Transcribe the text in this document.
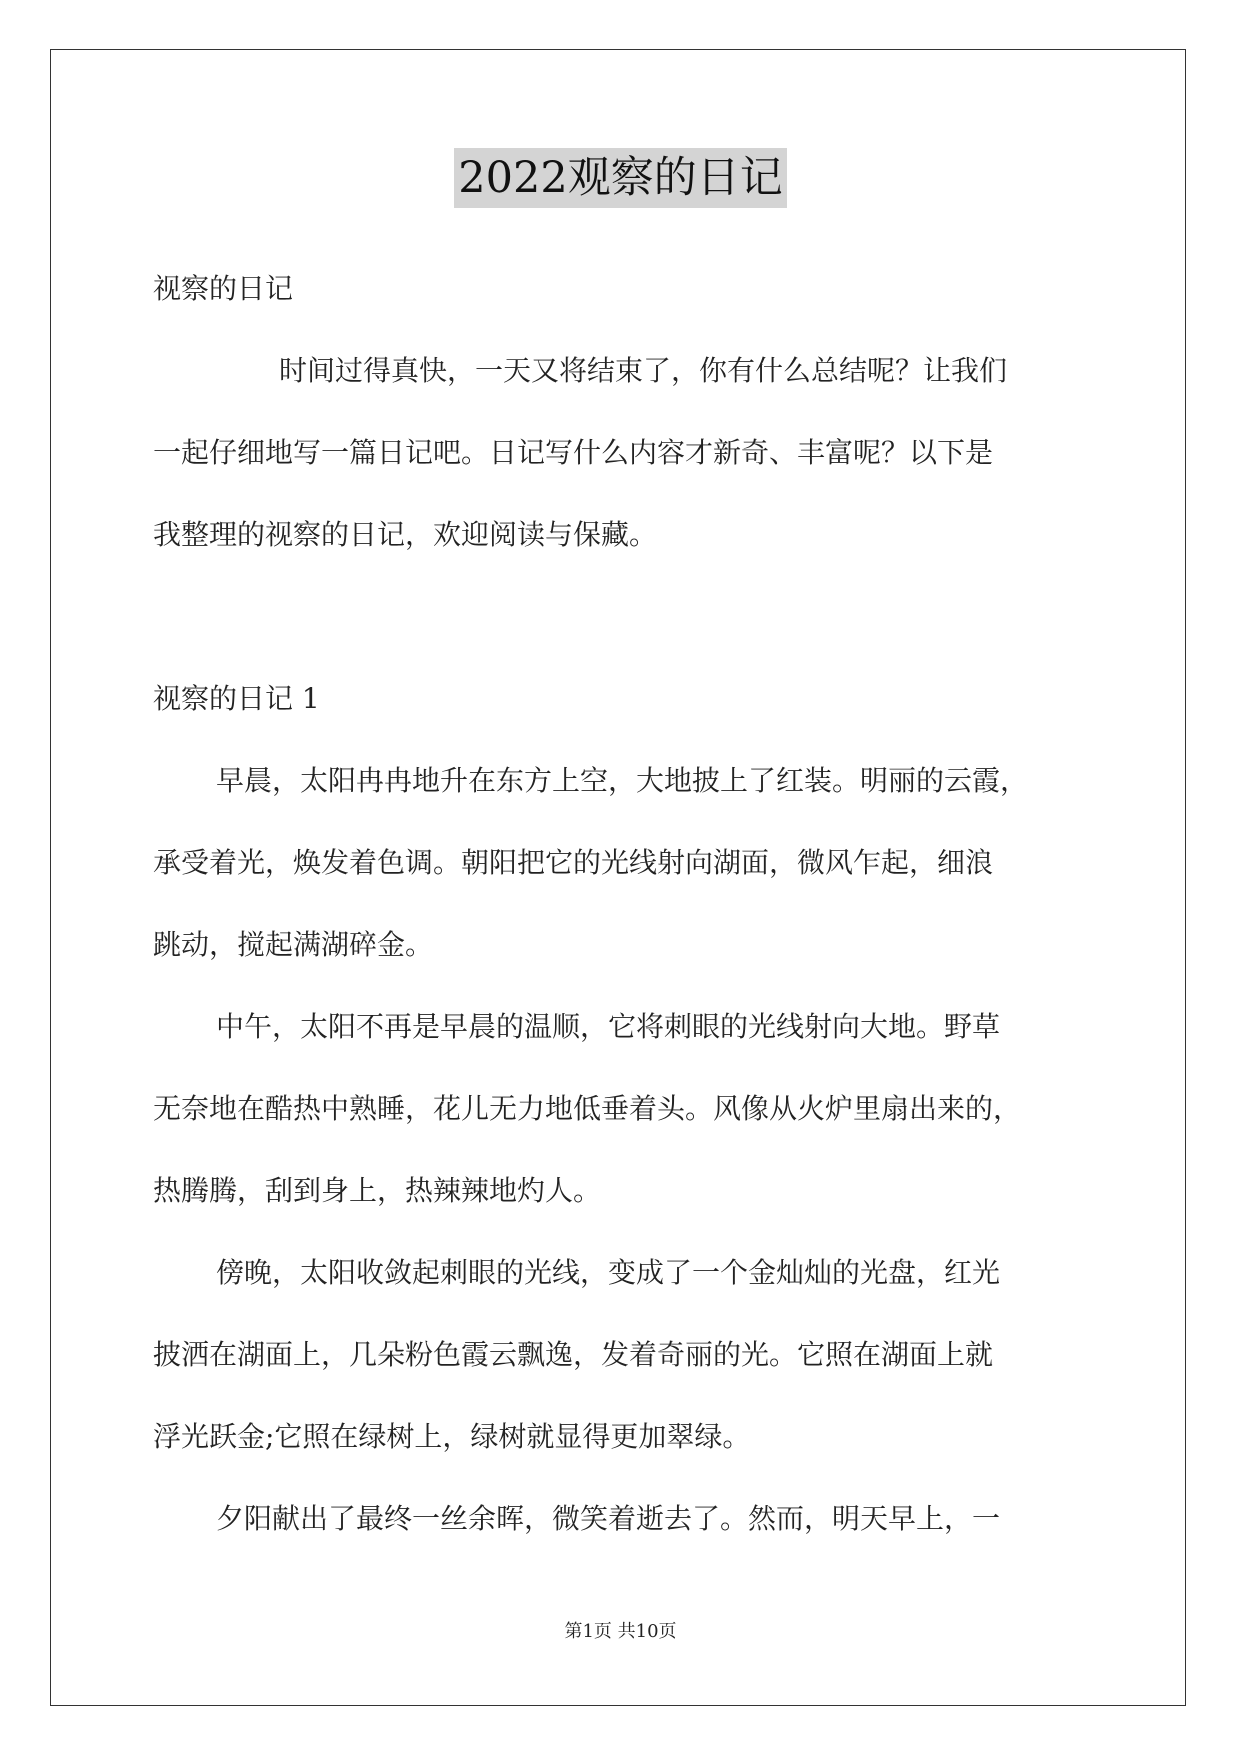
2022观察的日记
视察的日记
时间过得真快，一天又将结束了，你有什么总结呢？让我们
一起仔细地写一篇日记吧。日记写什么内容才新奇、丰富呢？以下是
我整理的视察的日记，欢迎阅读与保藏。
视察的日记 1
早晨，太阳冉冉地升在东方上空，大地披上了红装。明丽的云霞，
承受着光，焕发着色调。朝阳把它的光线射向湖面，微风乍起，细浪
跳动，搅起满湖碎金。
中午，太阳不再是早晨的温顺，它将刺眼的光线射向大地。野草
无奈地在酷热中熟睡，花儿无力地低垂着头。风像从火炉里扇出来的，
热腾腾，刮到身上，热辣辣地灼人。
傍晚，太阳收敛起刺眼的光线，变成了一个金灿灿的光盘，红光
披洒在湖面上，几朵粉色霞云飘逸，发着奇丽的光。它照在湖面上就
浮光跃金;它照在绿树上，绿树就显得更加翠绿。
夕阳献出了最终一丝余晖，微笑着逝去了。然而，明天早上，一
第1页 共10页
